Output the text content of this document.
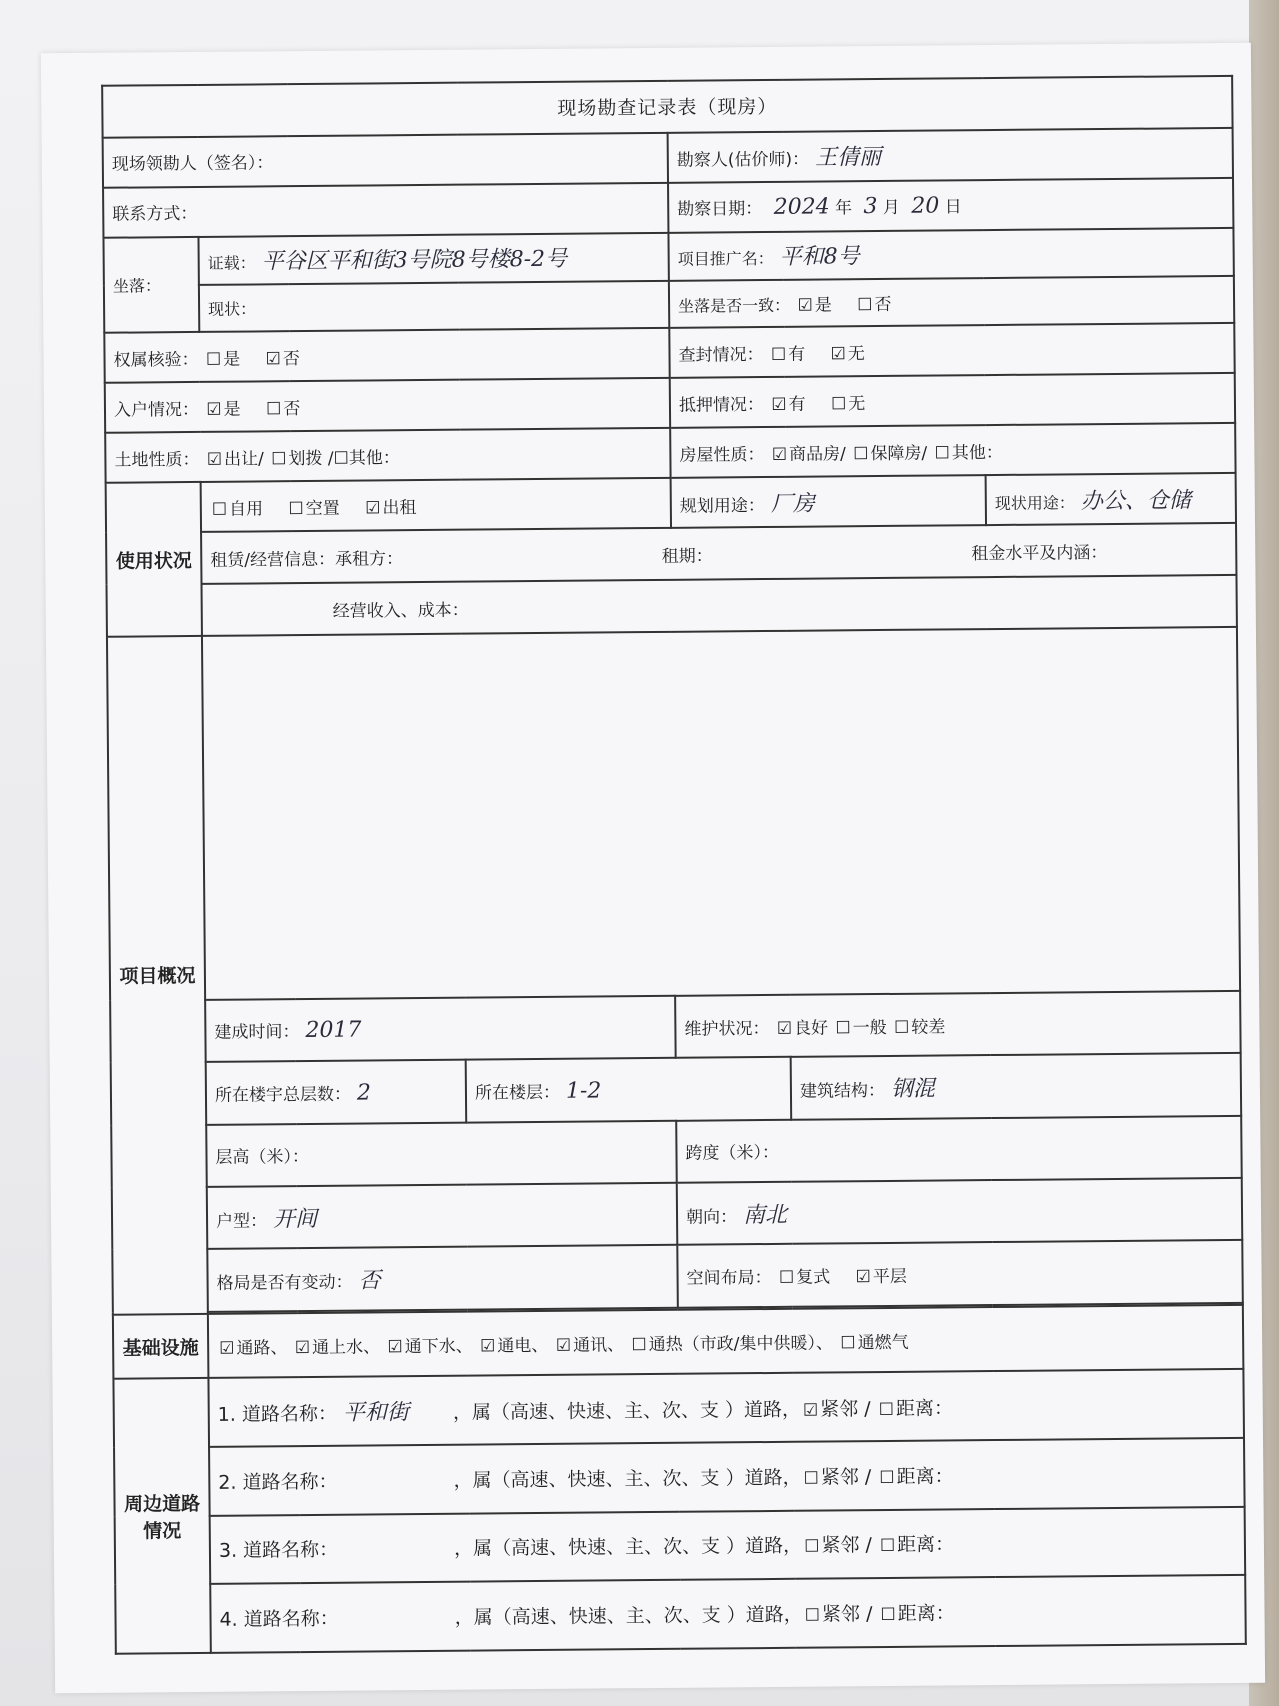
现场勘查记录表（现房）					
现场领勘人（签名）：			勘察人(估价师)： 王倩丽		
联系方式：			勘察日期： 2024 年 3 月 20 日		
坐落：	证载： 平谷区平和街3号院8号楼8-2号		项目推广名： 平和8号		
	现状：		坐落是否一致： ☑ 是 ☐ 否		
权属核验： ☐ 是 ☑ 否			查封情况： ☐ 有 ☑ 无		
入户情况： ☑ 是 ☐ 否			抵押情况： ☑ 有 ☐ 无		
土地性质： ☑ 出让/ ☐ 划拨 /☐其他：			房屋性质： ☑ 商品房/ ☐ 保障房/ ☐ 其他：		
使用状况	☐ 自用 ☐ 空置 ☑ 出租		规划用途： 厂房		现状用途： 办公、仓储

	租赁/经营信息：承租方： 租期： 租金水平及内涵：				

	经营收入、成本：				
项目概况					
	建成时间： 2017		维护状况： ☑ 良好 ☐ 一般 ☐ 较差		
	所在楼宇总层数： 2	所在楼层： 1-2		建筑结构： 钢混	
	层高（米）：		跨度（米）：		
	户型： 开间		朝向： 南北		
	格局是否有变动： 否		空间布局： ☐ 复式 ☑ 平层		

基础设施	☑ 通路、 ☑ 通上水、 ☑ 通下水、 ☑ 通电、 ☑ 通讯、 ☐ 通热（市政/集中供暖）、 ☐ 通燃气				
周边道路情况	1. 道路名称： 平和街 ，属（高速、快速、主、次、支 ）道路， ☑紧邻 / ☐距离：				
	2. 道路名称： ，属（高速、快速、主、次、支 ）道路， ☐紧邻 / ☐距离：				
	3. 道路名称： ，属（高速、快速、主、次、支 ）道路， ☐紧邻 / ☐距离：				
	4. 道路名称： ，属（高速、快速、主、次、支 ）道路， ☐紧邻 / ☐距离：				
